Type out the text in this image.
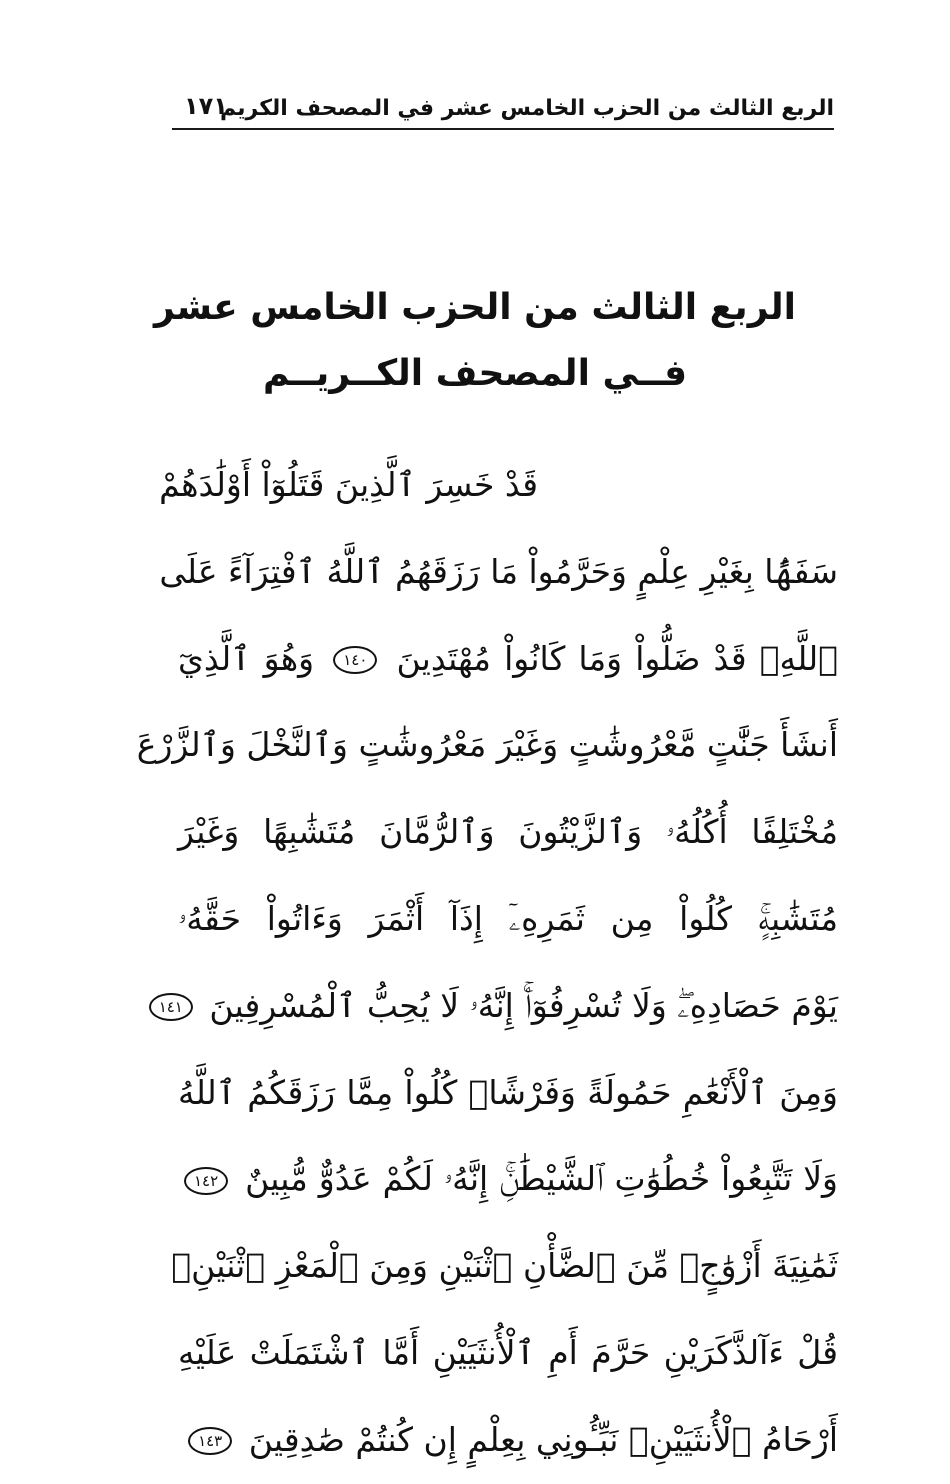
الربع الثالث من الحزب الخامس عشر في المصحف الكريم
١٧١
الربع الثالث من الحزب الخامس عشر
فــي المصحف الكــريــم
قَدْ خَسِرَ ٱلَّذِينَ قَتَلُوٓاْ أَوْلَٰدَهُمْ
سَفَهًۢا بِغَيْرِ عِلْمٍ وَحَرَّمُواْ مَا رَزَقَهُمُ ٱللَّهُ ٱفْتِرَآءً عَلَى
ٱللَّهِۚ قَدْ ضَلُّواْ وَمَا كَانُواْ مُهْتَدِينَ ١٤٠ وَهُوَ ٱلَّذِيٓ
أَنشَأَ جَنَّٰتٍ مَّعْرُوشَٰتٍ وَغَيْرَ مَعْرُوشَٰتٍ وَٱلنَّخْلَ وَٱلزَّرْعَ
مُخْتَلِفًا أُكُلُهُۥ وَٱلزَّيْتُونَ وَٱلرُّمَّانَ مُتَشَٰبِهًا وَغَيْرَ
مُتَشَٰبِهٍۚ كُلُواْ مِن ثَمَرِهِۦٓ إِذَآ أَثْمَرَ وَءَاتُواْ حَقَّهُۥ
يَوْمَ حَصَادِهِۦۖ وَلَا تُسْرِفُوٓاْۚ إِنَّهُۥ لَا يُحِبُّ ٱلْمُسْرِفِينَ ١٤١
وَمِنَ ٱلْأَنْعَٰمِ حَمُولَةً وَفَرْشًاۚ كُلُواْ مِمَّا رَزَقَكُمُ ٱللَّهُ
وَلَا تَتَّبِعُواْ خُطُوَٰتِ ٱلشَّيْطَٰنِۚ إِنَّهُۥ لَكُمْ عَدُوٌّ مُّبِينٌ ١٤٢
ثَمَٰنِيَةَ أَزْوَٰجٍۖ مِّنَ ٱلضَّأْنِ ٱثْنَيْنِ وَمِنَ ٱلْمَعْزِ ٱثْنَيْنِۗ
قُلْ ءَآلذَّكَرَيْنِ حَرَّمَ أَمِ ٱلْأُنثَيَيْنِ أَمَّا ٱشْتَمَلَتْ عَلَيْهِ
أَرْحَامُ ٱلْأُنثَيَيْنِۖ نَبِّـُٔونِي بِعِلْمٍ إِن كُنتُمْ صَٰدِقِينَ ١٤٣
